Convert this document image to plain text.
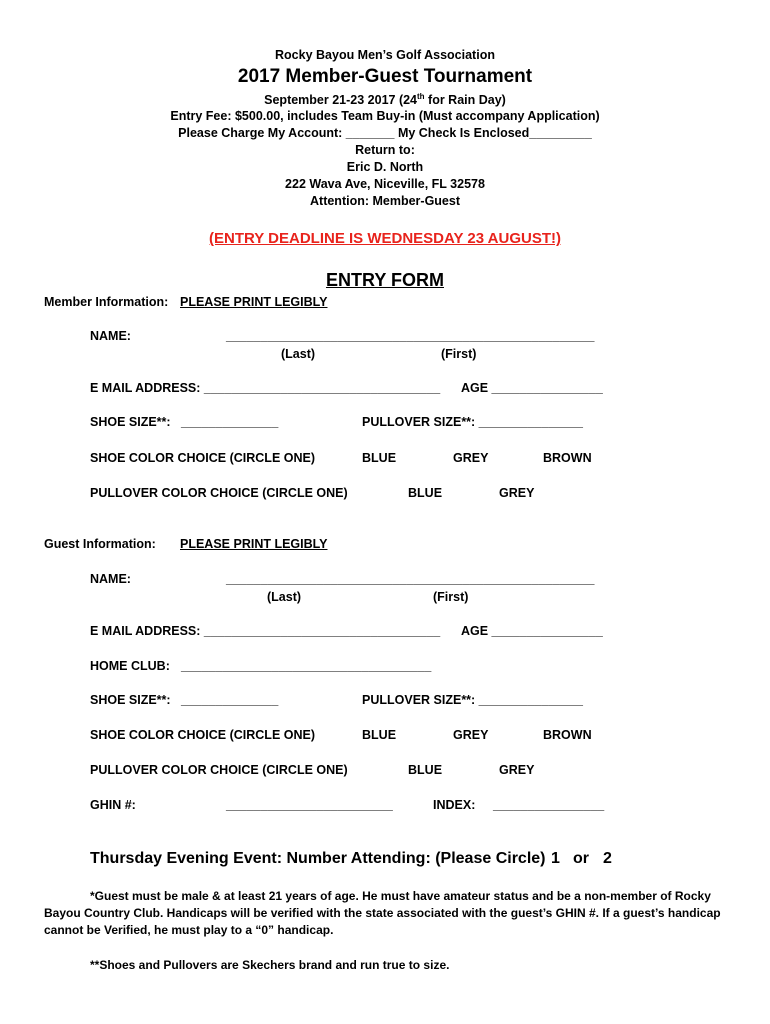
Rocky Bayou Men’s Golf Association
2017 Member-Guest Tournament
September 21-23 2017 (24th for Rain Day)
Entry Fee: $500.00, includes Team Buy-in (Must accompany Application)
Please Charge My Account: _______ My Check Is Enclosed_________
Return to:
Eric D. North
222 Wava Ave, Niceville, FL 32578
Attention: Member-Guest
(ENTRY DEADLINE IS WEDNESDAY 23 AUGUST!)
ENTRY FORM
Member Information: PLEASE PRINT LEGIBLY
NAME:	_____________________________________________________
(Last)	(First)
E MAIL ADDRESS: __________________________________ AGE ________________
SHOE SIZE**: ______________	PULLOVER SIZE**: _______________
SHOE COLOR CHOICE (CIRCLE ONE)	BLUE	GREY	BROWN
PULLOVER COLOR CHOICE (CIRCLE ONE)	BLUE	GREY
Guest Information: PLEASE PRINT LEGIBLY
NAME:	_____________________________________________________
(Last)	(First)
E MAIL ADDRESS: __________________________________ AGE ________________
HOME CLUB: ____________________________________
SHOE SIZE**: ______________	PULLOVER SIZE**: _______________
SHOE COLOR CHOICE (CIRCLE ONE)	BLUE	GREY	BROWN
PULLOVER COLOR CHOICE (CIRCLE ONE)	BLUE	GREY
GHIN #:	________________________	INDEX: ________________
Thursday Evening Event: Number Attending: (Please Circle) 1 or 2
*Guest must be male & at least 21 years of age. He must have amateur status and be a non-member of Rocky Bayou Country Club. Handicaps will be verified with the state associated with the guest’s GHIN #. If a guest’s handicap cannot be Verified, he must play to a “0” handicap.
**Shoes and Pullovers are Skechers brand and run true to size.
